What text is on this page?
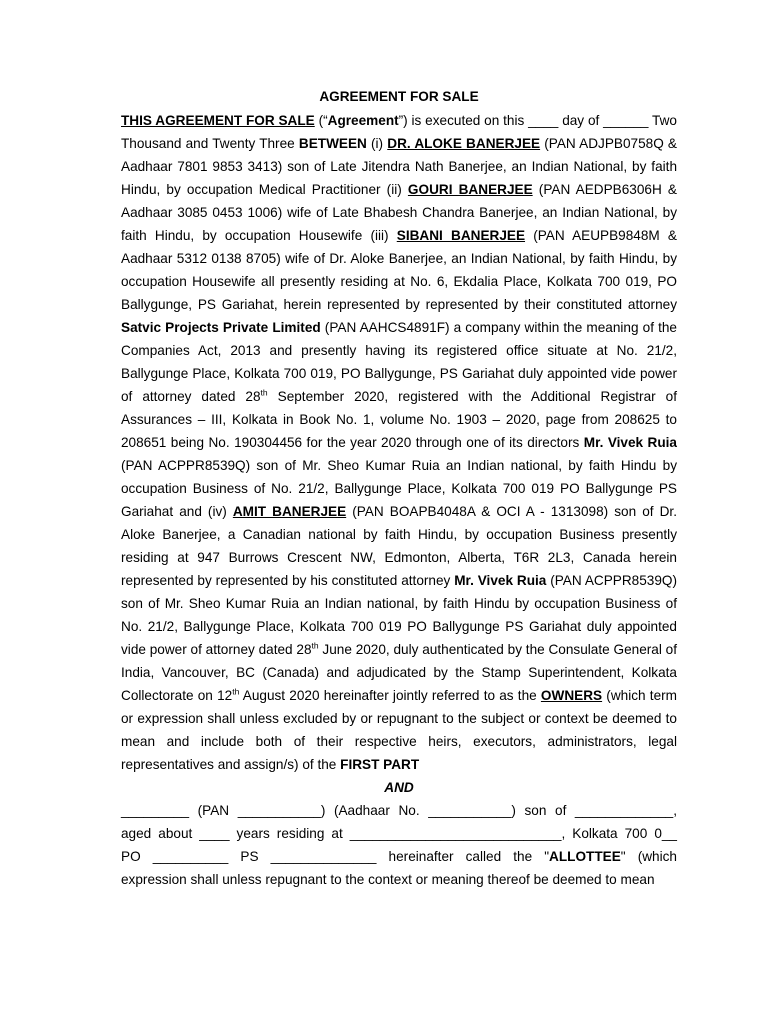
AGREEMENT FOR SALE

THIS AGREEMENT FOR SALE (“Agreement”) is executed on this ____ day of ______ Two Thousand and Twenty Three BETWEEN (i) DR. ALOKE BANERJEE (PAN ADJPB0758Q & Aadhaar 7801 9853 3413) son of Late Jitendra Nath Banerjee, an Indian National, by faith Hindu, by occupation Medical Practitioner (ii) GOURI BANERJEE (PAN AEDPB6306H & Aadhaar 3085 0453 1006) wife of Late Bhabesh Chandra Banerjee, an Indian National, by faith Hindu, by occupation Housewife (iii) SIBANI BANERJEE (PAN AEUPB9848M & Aadhaar 5312 0138 8705) wife of Dr. Aloke Banerjee, an Indian National, by faith Hindu, by occupation Housewife all presently residing at No. 6, Ekdalia Place, Kolkata 700 019, PO Ballygunge, PS Gariahat, herein represented by represented by their constituted attorney Satvic Projects Private Limited (PAN AAHCS4891F) a company within the meaning of the Companies Act, 2013 and presently having its registered office situate at No. 21/2, Ballygunge Place, Kolkata 700 019, PO Ballygunge, PS Gariahat duly appointed vide power of attorney dated 28th September 2020, registered with the Additional Registrar of Assurances – III, Kolkata in Book No. 1, volume No. 1903 – 2020, page from 208625 to 208651 being No. 190304456 for the year 2020 through one of its directors Mr. Vivek Ruia (PAN ACPPR8539Q) son of Mr. Sheo Kumar Ruia an Indian national, by faith Hindu by occupation Business of No. 21/2, Ballygunge Place, Kolkata 700 019 PO Ballygunge PS Gariahat and (iv) AMIT BANERJEE (PAN BOAPB4048A & OCI A - 1313098) son of Dr. Aloke Banerjee, a Canadian national by faith Hindu, by occupation Business presently residing at 947 Burrows Crescent NW, Edmonton, Alberta, T6R 2L3, Canada herein represented by represented by his constituted attorney Mr. Vivek Ruia (PAN ACPPR8539Q) son of Mr. Sheo Kumar Ruia an Indian national, by faith Hindu by occupation Business of No. 21/2, Ballygunge Place, Kolkata 700 019 PO Ballygunge PS Gariahat duly appointed vide power of attorney dated 28th June 2020, duly authenticated by the Consulate General of India, Vancouver, BC (Canada) and adjudicated by the Stamp Superintendent, Kolkata Collectorate on 12th August 2020 hereinafter jointly referred to as the OWNERS (which term or expression shall unless excluded by or repugnant to the subject or context be deemed to mean and include both of their respective heirs, executors, administrators, legal representatives and assign/s) of the FIRST PART

AND

_________ (PAN ___________) (Aadhaar No. ___________) son of _____________,
aged about ____ years residing at ____________________________, Kolkata 700 0__
PO __________ PS ______________ hereinafter called the "ALLOTTEE" (which expression shall unless repugnant to the context or meaning thereof be deemed to mean
